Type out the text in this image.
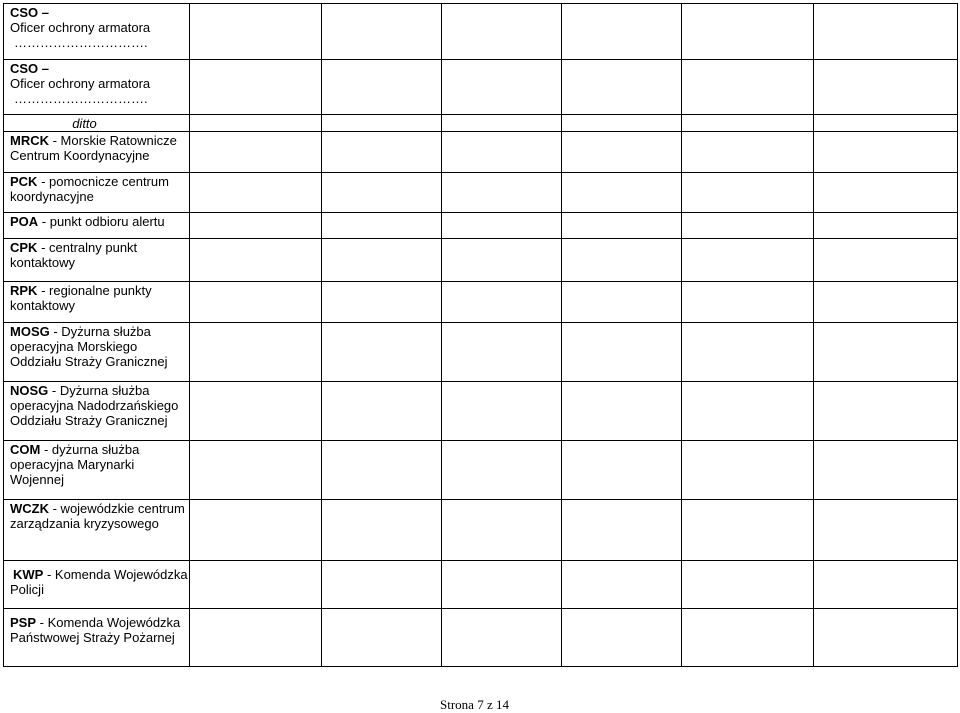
CSO –
Oficer ochrony armatora

………………………….						

CSO –
Oficer ochrony armatora

………………………….						

ditto						
MRCK - Morskie Ratownicze Centrum Koordynacyjne						
PCK - pomocnicze centrum koordynacyjne						
POA - punkt odbioru alertu						
CPK - centralny punkt kontaktowy						
RPK - regionalne punkty kontaktowy						
MOSG - Dyżurna służba operacyjna Morskiego Oddziału Straży Granicznej						
NOSG - Dyżurna służba operacyjna Nadodrzańskiego Oddziału Straży Granicznej						
COM - dyżurna służba operacyjna Marynarki Wojennej						
WCZK - wojewódzkie centrum zarządzania kryzysowego						
KWP - Komenda Wojewódzka Policji						
PSP - Komenda Wojewódzka Państwowej Straży Pożarnej						
Strona 7 z 14
